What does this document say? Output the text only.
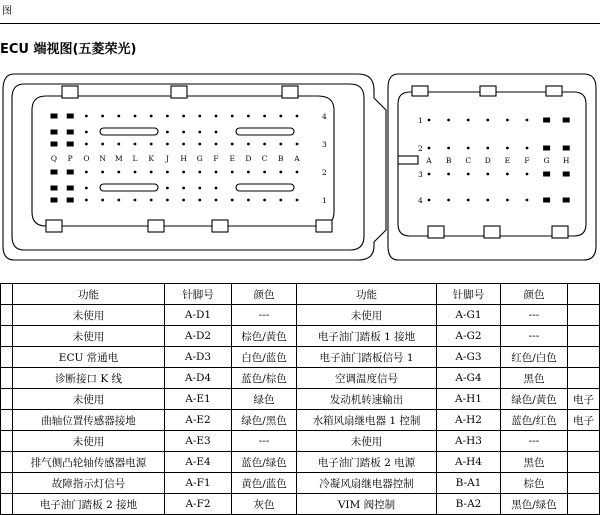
图
ECU 端视图(五菱荣光)
4
3
2
1
Q P O N M L K J H G F E D C B A
1
2
3
4
A B C D E F G H
	功能	针脚号	颜色	功能	针脚号	颜色	
	未使用	A-D1	---	未使用	A-G1	---	
	未使用	A-D2	棕色/黄色	电子油门踏板 1 接地	A-G2	---	
	ECU 常通电	A-D3	白色/蓝色	电子油门踏板信号 1	A-G3	红色/白色	
	诊断接口 K 线	A-D4	蓝色/棕色	空调温度信号	A-G4	黑色	
	未使用	A-E1	绿色	发动机转速输出	A-H1	绿色/黄色	电子
	曲轴位置传感器接地	A-E2	绿色/黑色	水箱风扇继电器 1 控制	A-H2	蓝色/红色	电子
	未使用	A-E3	---	未使用	A-H3	---	
	排气侧凸轮轴传感器电源	A-E4	蓝色/绿色	电子油门踏板 2 电源	A-H4	黑色	
	故障指示灯信号	A-F1	黄色/蓝色	冷凝风扇继电器控制	B-A1	棕色	
	电子油门踏板 2 接地	A-F2	灰色	VIM 阀控制	B-A2	黑色/绿色	
